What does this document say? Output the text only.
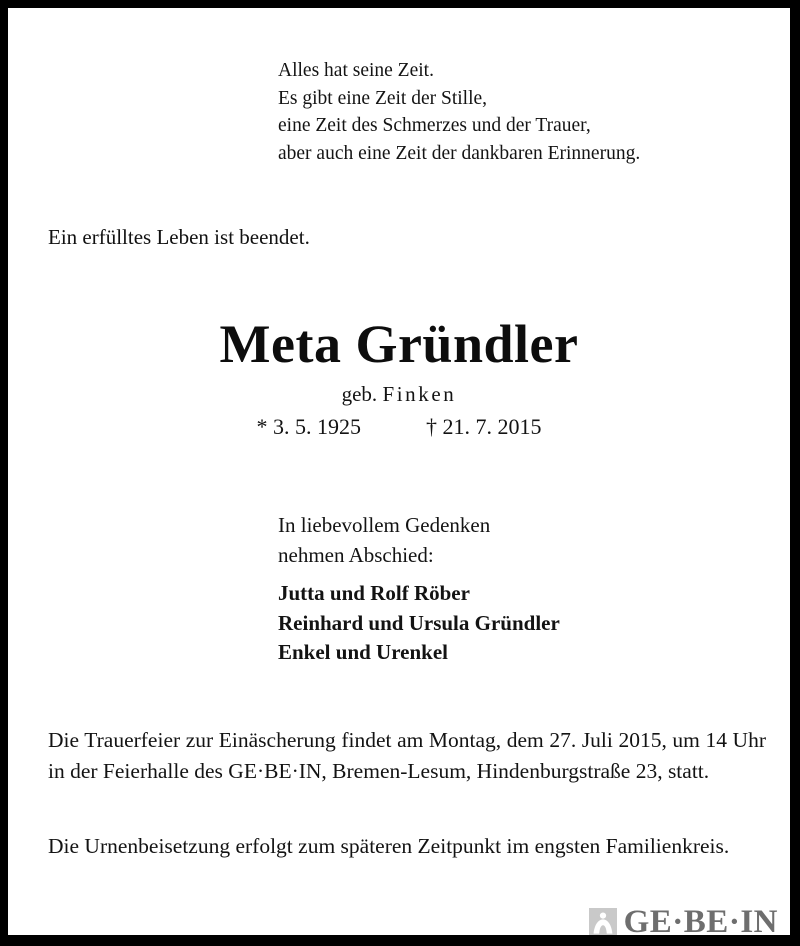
Alles hat seine Zeit.
Es gibt eine Zeit der Stille,
eine Zeit des Schmerzes und der Trauer,
aber auch eine Zeit der dankbaren Erinnerung.
Ein erfülltes Leben ist beendet.
Meta Gründler
geb. Finken
* 3. 5. 1925	† 21. 7. 2015
In liebevollem Gedenken
nehmen Abschied:
Jutta und Rolf Röber
Reinhard und Ursula Gründler
Enkel und Urenkel
Die Trauerfeier zur Einäscherung findet am Montag, dem 27. Juli 2015, um 14 Uhr in der Feierhalle des GE·BE·IN, Bremen-Lesum, Hindenburgstraße 23, statt.
Die Urnenbeisetzung erfolgt zum späteren Zeitpunkt im engsten Familienkreis.
GE·BE·IN
